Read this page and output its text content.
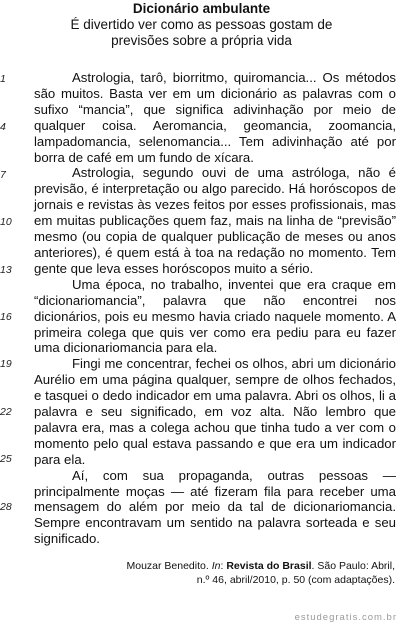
Dicionário ambulante
É divertido ver como as pessoas gostam de
previsões sobre a própria vida
1
4
7
10
13
16
19
22
25
28

Astrologia, tarô, biorritmo, quiromancia... Os métodos são muitos. Basta ver em um dicionário as palavras com o sufixo “mancia”, que significa adivinhação por meio de qualquer coisa. Aeromancia, geomancia, zoomancia, lampadomancia, selenomancia... Tem adivinhação até por borra de café em um fundo de xícara.

Astrologia, segundo ouvi de uma astróloga, não é previsão, é interpretação ou algo parecido. Há horóscopos de jornais e revistas às vezes feitos por esses profissionais, mas em muitas publicações quem faz, mais na linha de “previsão” mesmo (ou copia de qualquer publicação de meses ou anos anteriores), é quem está à toa na redação no momento. Tem gente que leva esses horóscopos muito a sério.

Uma época, no trabalho, inventei que era craque em “dicionariomancia”, palavra que não encontrei nos dicionários, pois eu mesmo havia criado naquele momento. A primeira colega que quis ver como era pediu para eu fazer uma dicionariomancia para ela.

Fingi me concentrar, fechei os olhos, abri um dicionário Aurélio em uma página qualquer, sempre de olhos fechados, e tasquei o dedo indicador em uma palavra. Abri os olhos, li a palavra e seu significado, em voz alta. Não lembro que palavra era, mas a colega achou que tinha tudo a ver com o momento pelo qual estava passando e que era um indicador para ela.

Aí, com sua propaganda, outras pessoas — principalmente moças — até fizeram fila para receber uma mensagem do além por meio da tal de dicionariomancia. Sempre encontravam um sentido na palavra sorteada e seu significado.

Mouzar Benedito. In: Revista do Brasil. São Paulo: Abril,
n.º 46, abril/2010, p. 50 (com adaptações).
estudegratis.com.br
